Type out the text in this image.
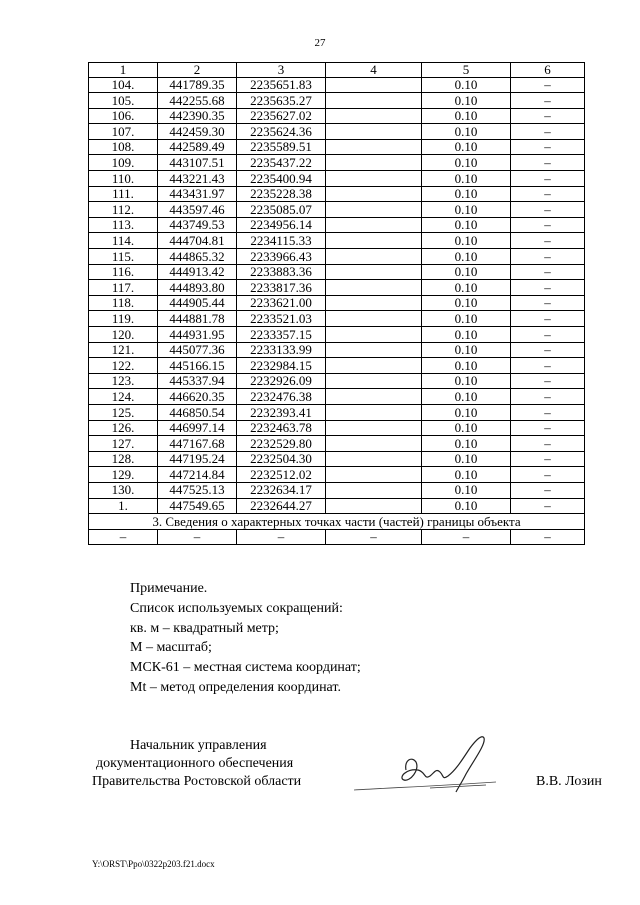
27
1	2	3	4	5	6
104.	441789.35	2235651.83		0.10	–
105.	442255.68	2235635.27		0.10	–
106.	442390.35	2235627.02		0.10	–
107.	442459.30	2235624.36		0.10	–
108.	442589.49	2235589.51		0.10	–
109.	443107.51	2235437.22		0.10	–
110.	443221.43	2235400.94		0.10	–
111.	443431.97	2235228.38		0.10	–
112.	443597.46	2235085.07		0.10	–
113.	443749.53	2234956.14		0.10	–
114.	444704.81	2234115.33		0.10	–
115.	444865.32	2233966.43		0.10	–
116.	444913.42	2233883.36		0.10	–
117.	444893.80	2233817.36		0.10	–
118.	444905.44	2233621.00		0.10	–
119.	444881.78	2233521.03		0.10	–
120.	444931.95	2233357.15		0.10	–
121.	445077.36	2233133.99		0.10	–
122.	445166.15	2232984.15		0.10	–
123.	445337.94	2232926.09		0.10	–
124.	446620.35	2232476.38		0.10	–
125.	446850.54	2232393.41		0.10	–
126.	446997.14	2232463.78		0.10	–
127.	447167.68	2232529.80		0.10	–
128.	447195.24	2232504.30		0.10	–
129.	447214.84	2232512.02		0.10	–
130.	447525.13	2232634.17		0.10	–
1.	447549.65	2232644.27		0.10	–
3. Сведения о характерных точках части (частей) границы объекта					
–	–	–	–	–	–
Примечание.
Список используемых сокращений:
кв. м – квадратный метр;
М – масштаб;
МСК-61 – местная система координат;
Mt – метод определения координат.
Начальник управления
документационного обеспечения
Правительства Ростовской области	В.В. Лозин
Y:\ORST\Ppo\0322p203.f21.docx
